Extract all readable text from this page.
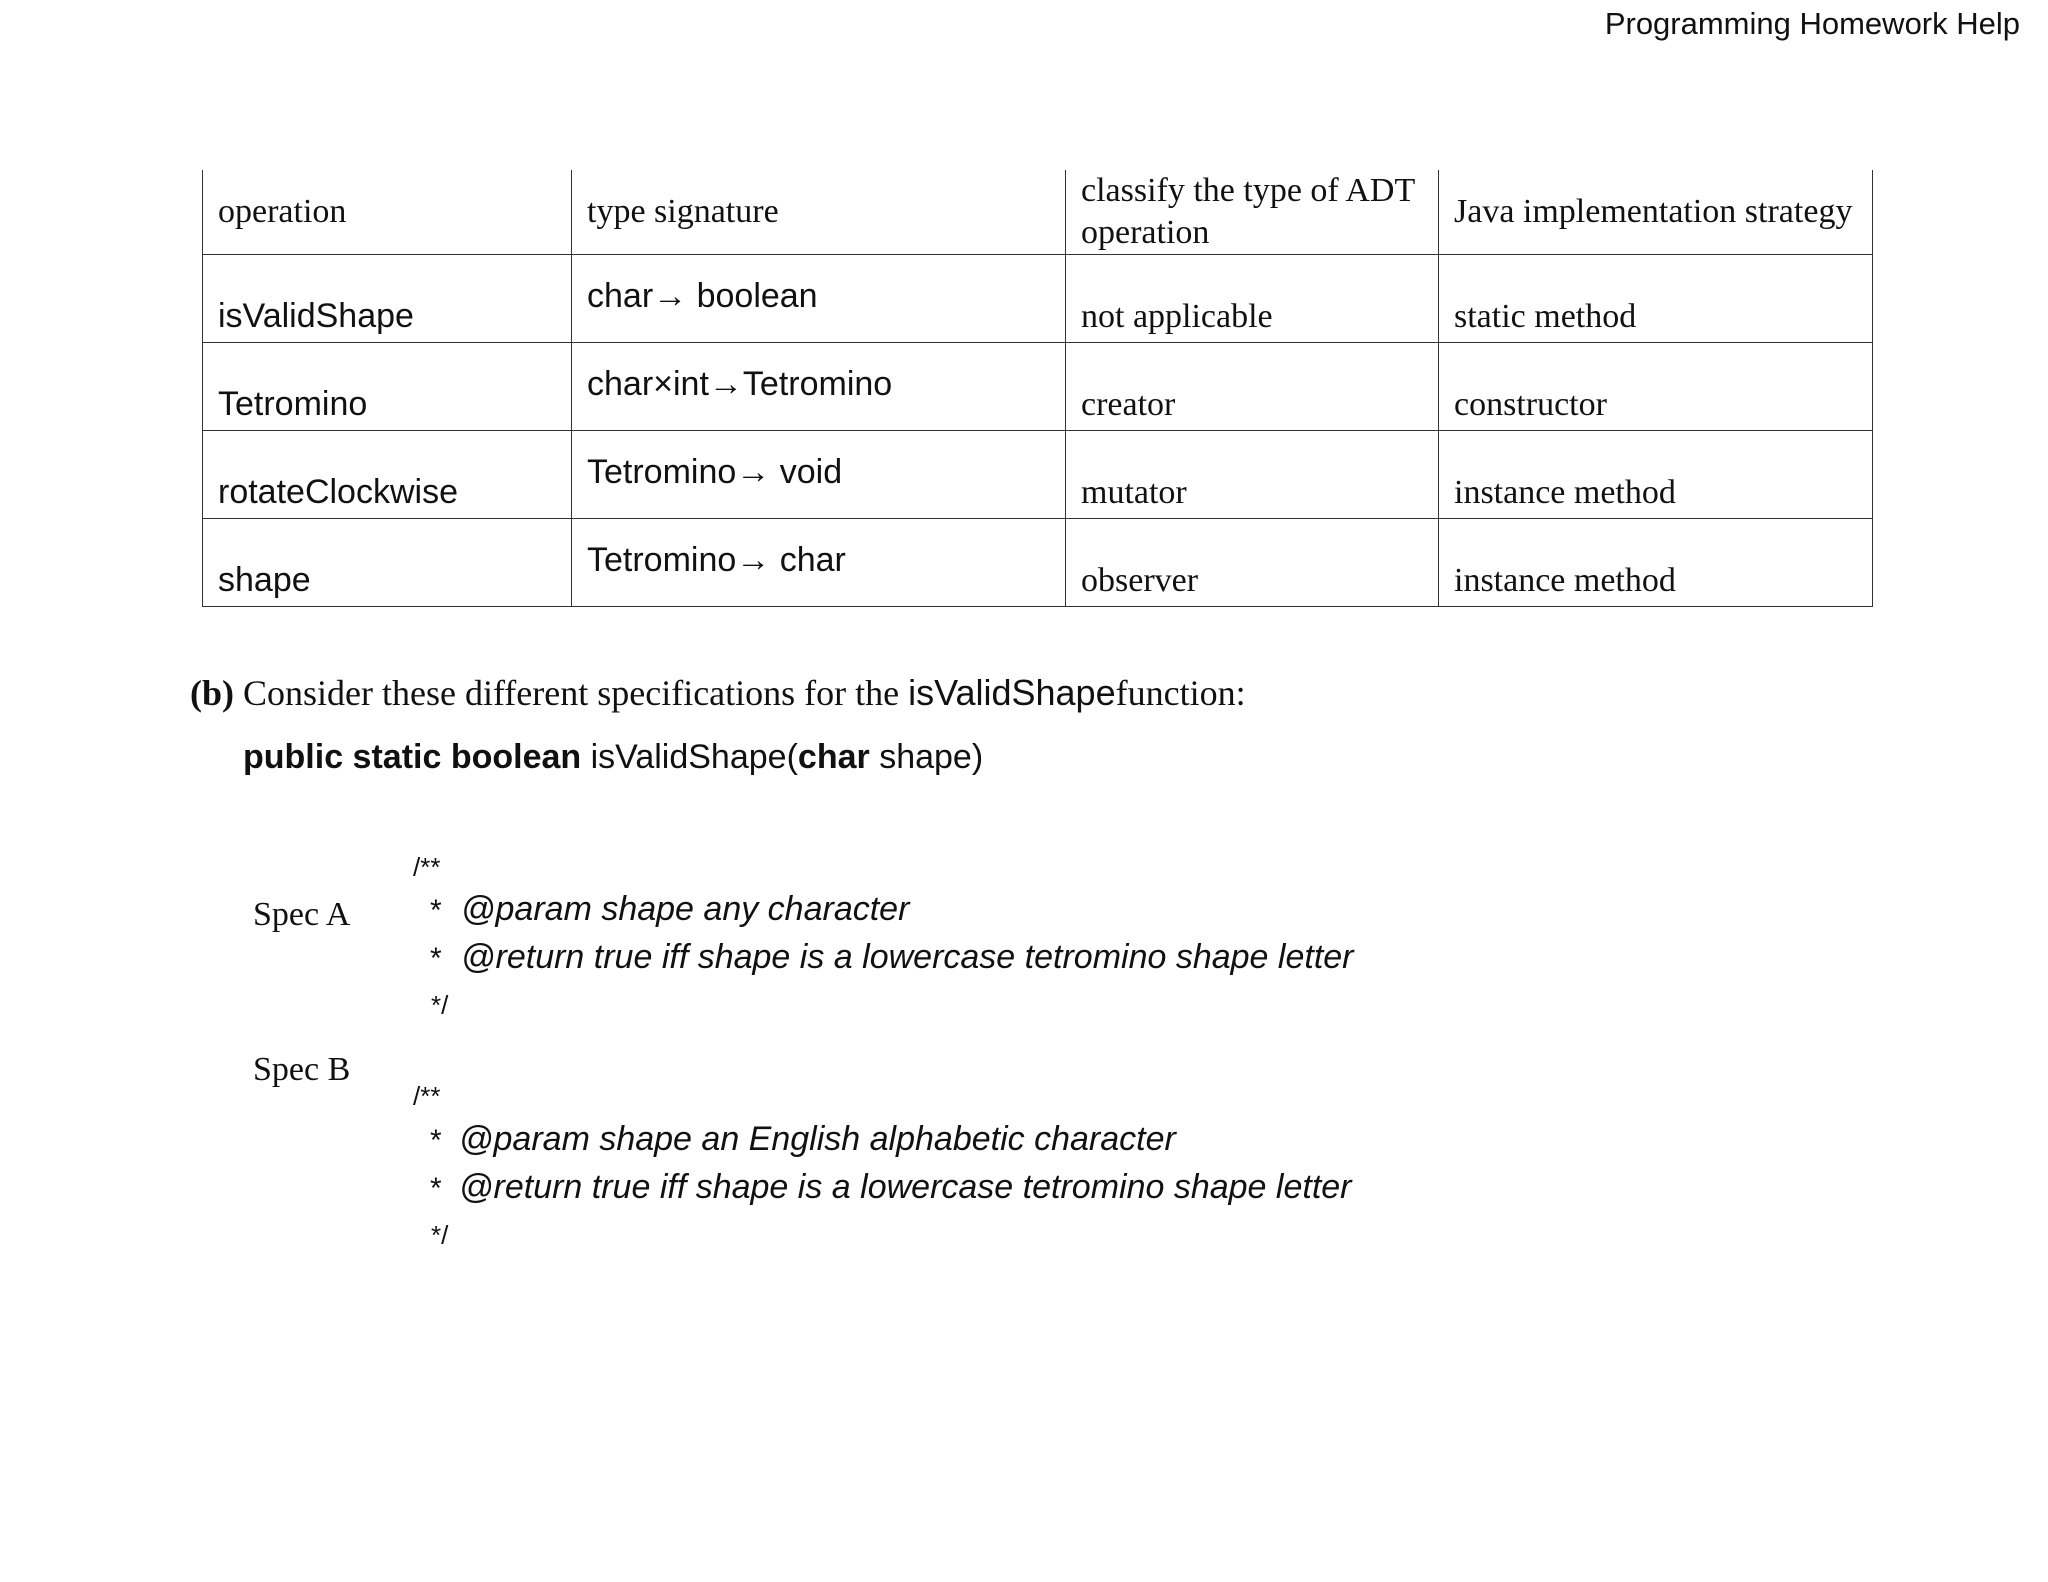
Programming Homework Help
operation	type signature	classify the type of ADT operation	Java implementation strategy
isValidShape	char→ boolean	not applicable	static method
Tetromino	char×int→Tetromino	creator	constructor
rotateClockwise	Tetromino→ void	mutator	instance method
shape	Tetromino→ char	observer	instance method
(b) Consider these different specifications for the isValidShapefunction:
public static boolean isValidShape(char shape)
Spec A
/**
* @param shape any character
* @return true iff shape is a lowercase tetromino shape letter
*/
Spec B
/**
* @param shape an English alphabetic character
* @return true iff shape is a lowercase tetromino shape letter
*/
